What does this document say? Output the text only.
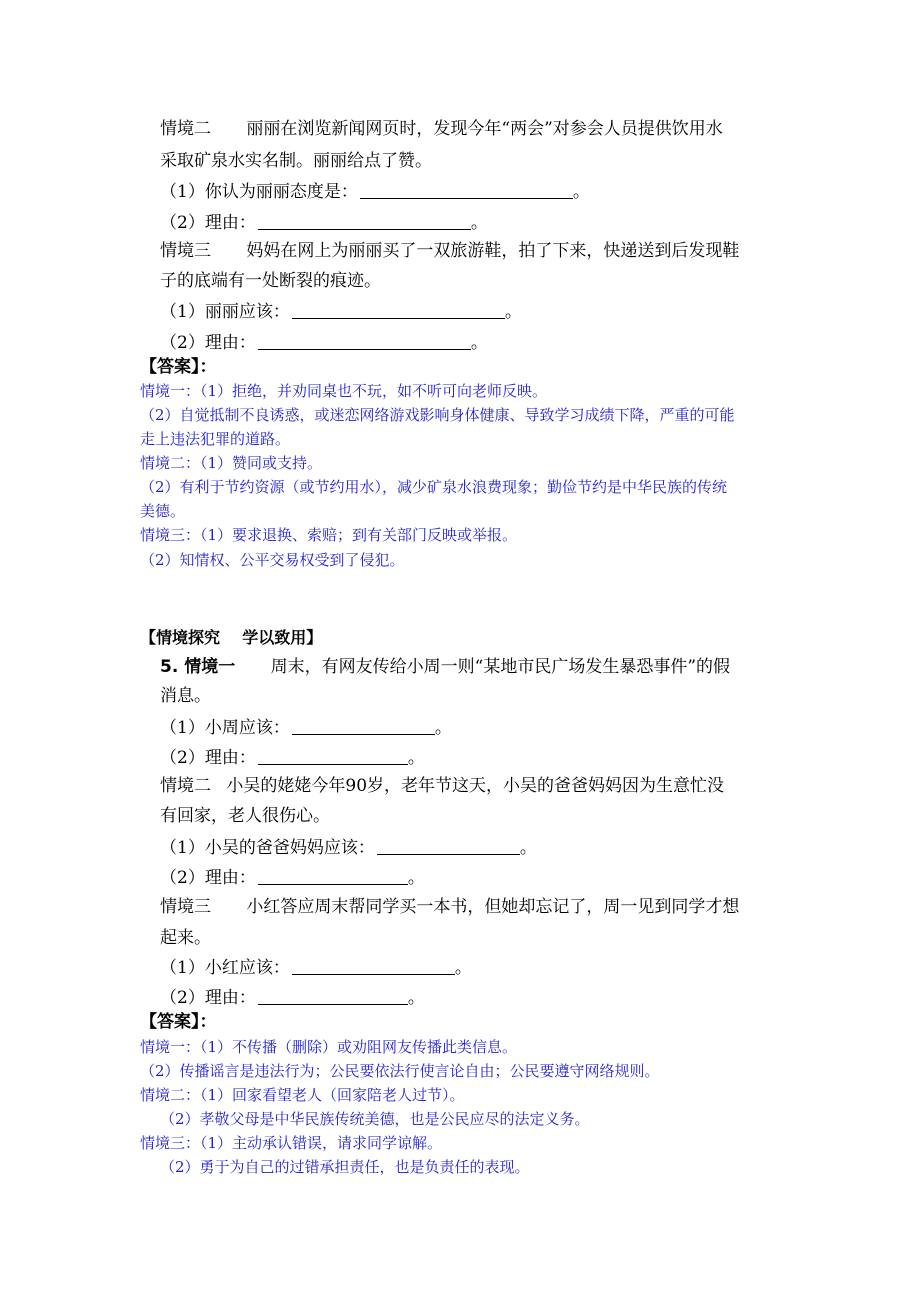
情境二 丽丽在浏览新闻网页时，发现今年“两会”对参会人员提供饮用水
采取矿泉水实名制。丽丽给点了赞。
（1）你认为丽丽态度是：	。
（2）理由：	。
情境三 妈妈在网上为丽丽买了一双旅游鞋，拍了下来，快递送到后发现鞋
子的底端有一处断裂的痕迹。
（1）丽丽应该：	。
（2）理由：	。
【答案】：
情境一：（1）拒绝，并劝同桌也不玩，如不听可向老师反映。
（2）自觉抵制不良诱惑，或迷恋网络游戏影响身体健康、导致学习成绩下降，严重的可能
走上违法犯罪的道路。
情境二：（1）赞同或支持。
（2）有利于节约资源（或节约用水），减少矿泉水浪费现象；勤俭节约是中华民族的传统
美德。
情境三：（1）要求退换、索赔；到有关部门反映或举报。
（2）知情权、公平交易权受到了侵犯。
【情境探究    学以致用】
5. 情境一 周末，有网友传给小周一则“某地市民广场发生暴恐事件”的假
消息。
（1）小周应该：	。
（2）理由：	。
情境二 小吴的姥姥今年90岁，老年节这天，小吴的爸爸妈妈因为生意忙没
有回家，老人很伤心。
（1）小吴的爸爸妈妈应该：	。
（2）理由：	。
情境三 小红答应周末帮同学买一本书，但她却忘记了，周一见到同学才想
起来。
（1）小红应该：	。
（2）理由：	。
【答案】：
情境一：（1）不传播（删除）或劝阻网友传播此类信息。
（2）传播谣言是违法行为；公民要依法行使言论自由；公民要遵守网络规则。
情境二：（1）回家看望老人（回家陪老人过节）。
（2）孝敬父母是中华民族传统美德，也是公民应尽的法定义务。
情境三：（1）主动承认错误，请求同学谅解。
（2）勇于为自己的过错承担责任，也是负责任的表现。
